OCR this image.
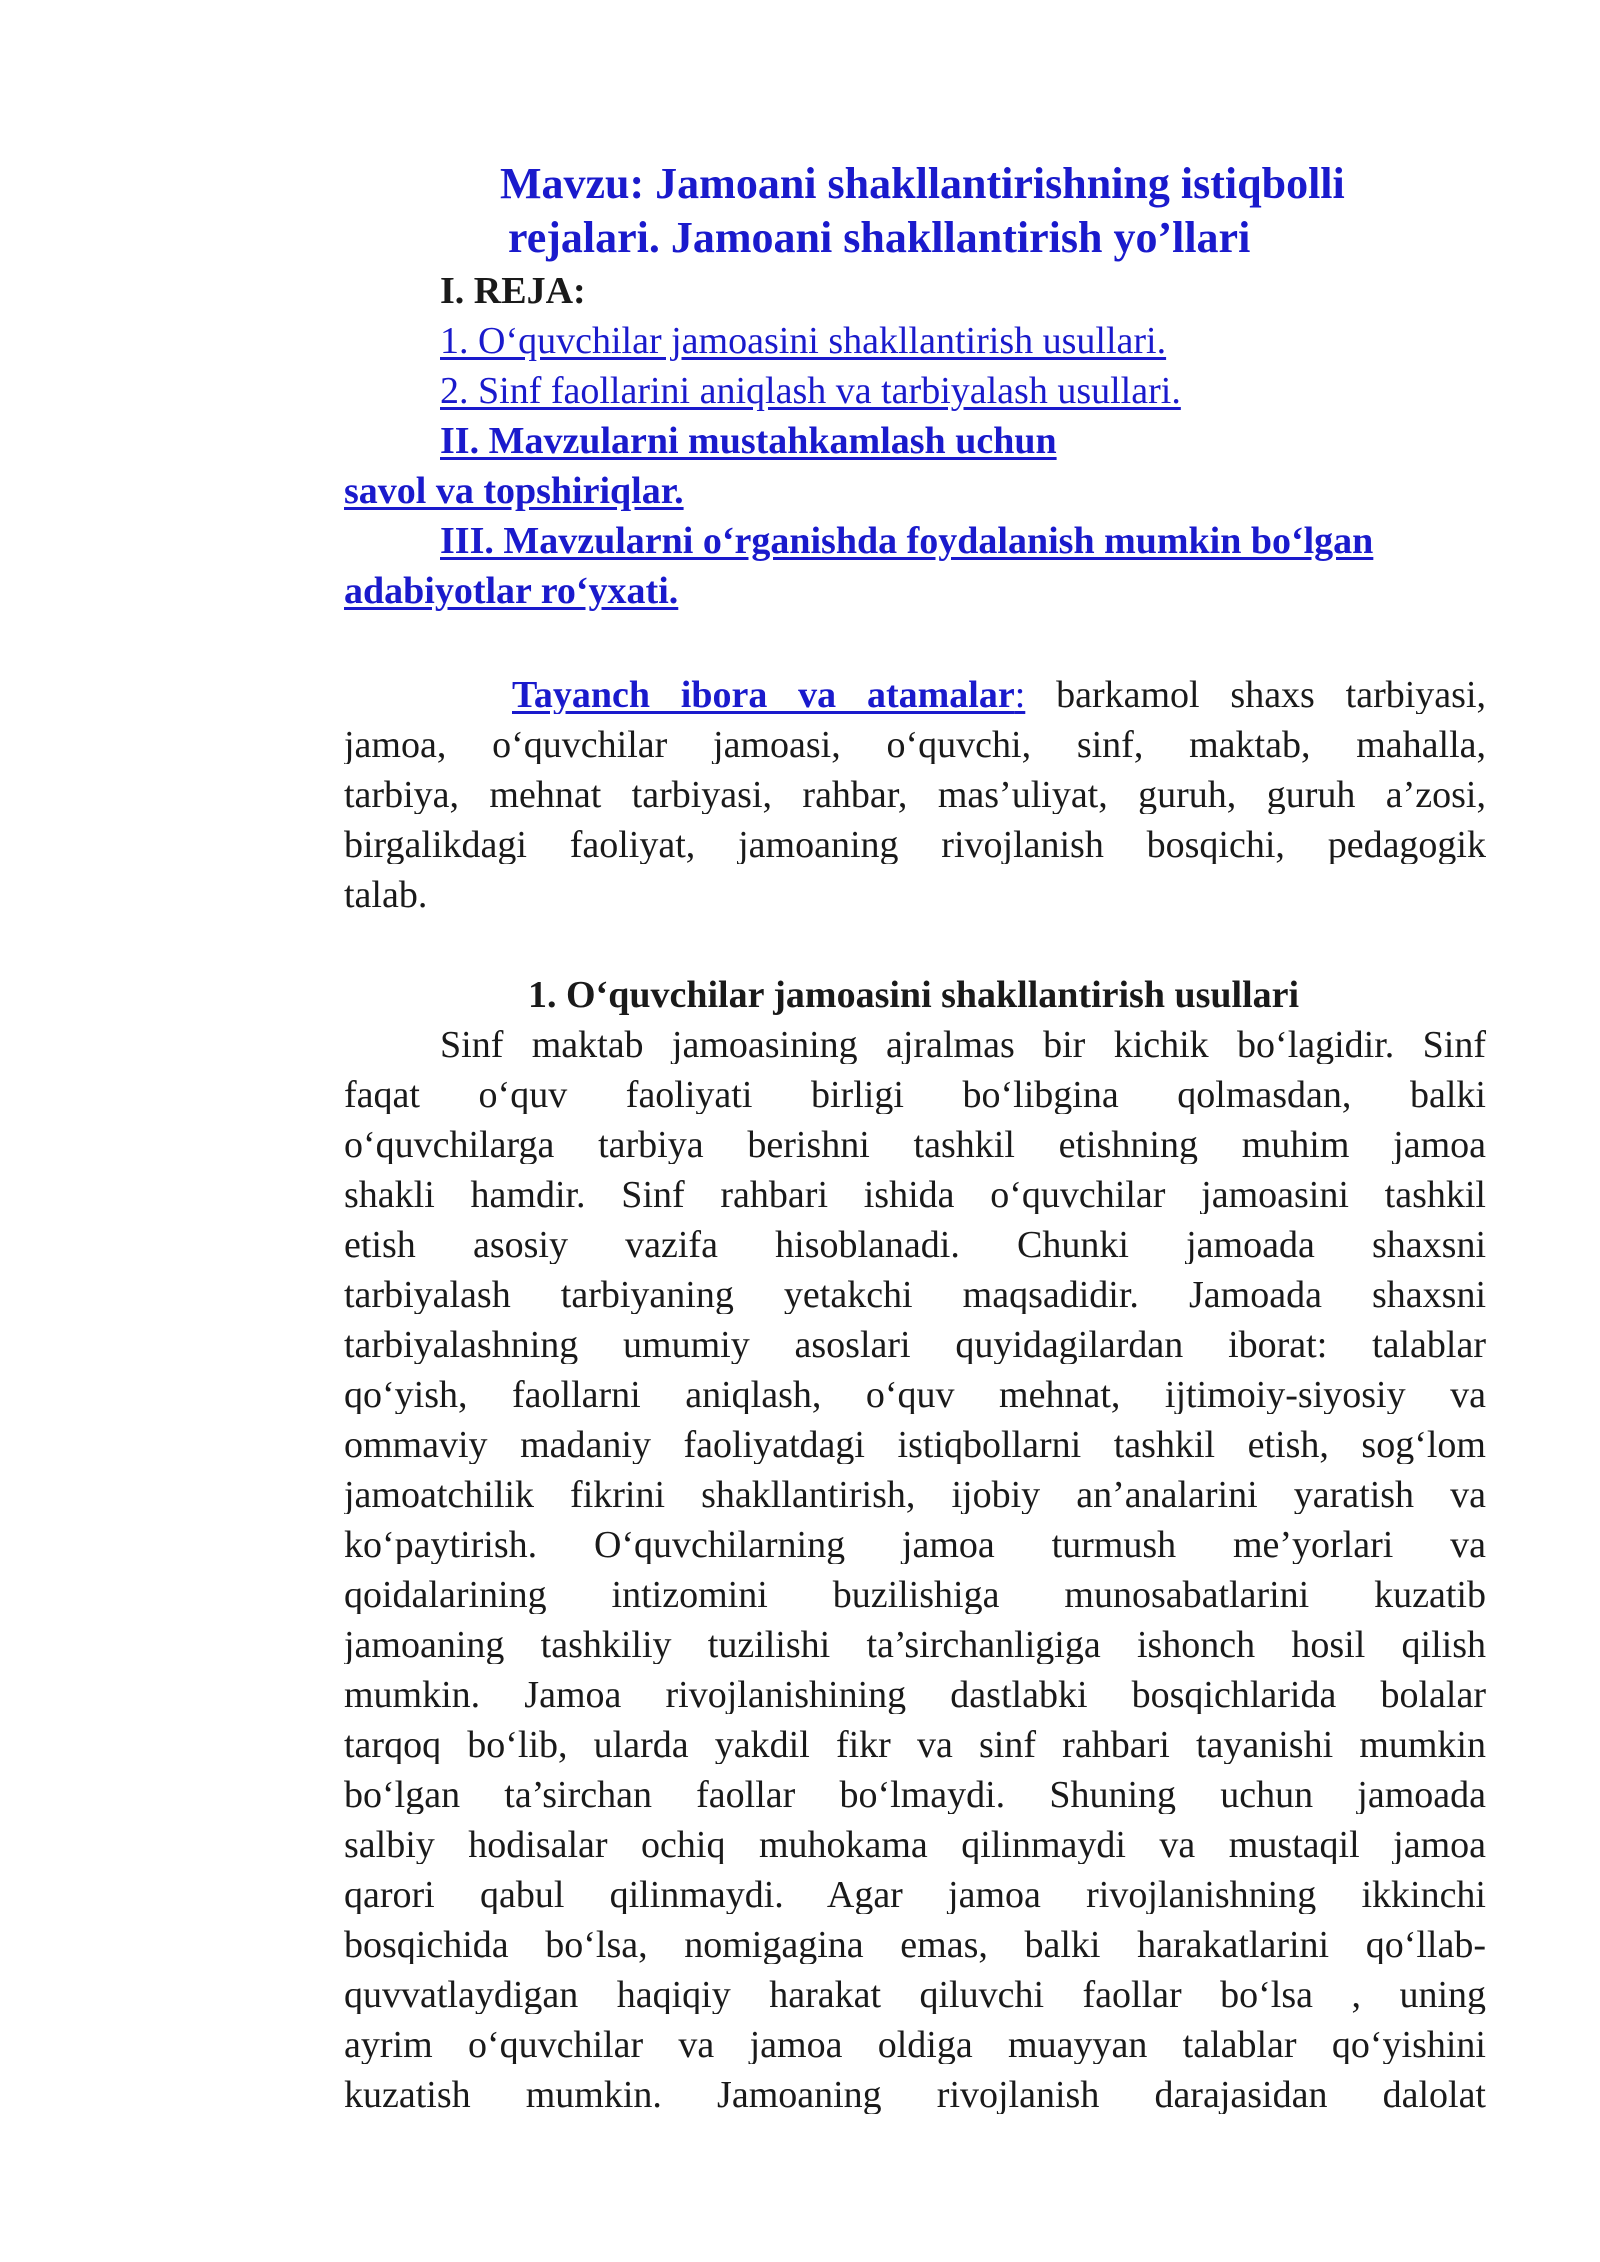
Mavzu: Jamoani shakllantirishning istiqbolli
rejalari. Jamoani shakllantirish yo’llari
I. REJA:
1. O‘quvchilar jamoasini shakllantirish usullari.
2. Sinf faollarini aniqlash va tarbiyalash usullari.
II. Mavzularni mustahkamlash uchun
savol va topshiriqlar.
III. Mavzularni o‘rganishda foydalanish mumkin bo‘lgan
adabiyotlar ro‘yxati.
Tayanch ibora va atamalar: barkamol shaxs tarbiyasi,
jamoa, o‘quvchilar jamoasi, o‘quvchi, sinf, maktab, mahalla,
tarbiya, mehnat tarbiyasi, rahbar, mas’uliyat, guruh, guruh a’zosi,
birgalikdagi faoliyat, jamoaning rivojlanish bosqichi, pedagogik
talab.
1. O‘quvchilar jamoasini shakllantirish usullari
Sinf maktab jamoasining ajralmas bir kichik bo‘lagidir. Sinf
faqat o‘quv faoliyati birligi bo‘libgina qolmasdan, balki
o‘quvchilarga tarbiya berishni tashkil etishning muhim jamoa
shakli hamdir. Sinf rahbari ishida o‘quvchilar jamoasini tashkil
etish asosiy vazifa hisoblanadi. Chunki jamoada shaxsni
tarbiyalash tarbiyaning yetakchi maqsadidir. Jamoada shaxsni
tarbiyalashning umumiy asoslari quyidagilardan iborat: talablar
qo‘yish, faollarni aniqlash, o‘quv mehnat, ijtimoiy-siyosiy va
ommaviy madaniy faoliyatdagi istiqbollarni tashkil etish, sog‘lom
jamoatchilik fikrini shakllantirish, ijobiy an’analarini yaratish va
ko‘paytirish. O‘quvchilarning jamoa turmush me’yorlari va
qoidalarining intizomini buzilishiga munosabatlarini kuzatib
jamoaning tashkiliy tuzilishi ta’sirchanligiga ishonch hosil qilish
mumkin. Jamoa rivojlanishining dastlabki bosqichlarida bolalar
tarqoq bo‘lib, ularda yakdil fikr va sinf rahbari tayanishi mumkin
bo‘lgan ta’sirchan faollar bo‘lmaydi. Shuning uchun jamoada
salbiy hodisalar ochiq muhokama qilinmaydi va mustaqil jamoa
qarori qabul qilinmaydi. Agar jamoa rivojlanishning ikkinchi
bosqichida bo‘lsa, nomigagina emas, balki harakatlarini qo‘llab-
quvvatlaydigan haqiqiy harakat qiluvchi faollar bo‘lsa , uning
ayrim o‘quvchilar va jamoa oldiga muayyan talablar qo‘yishini
kuzatish mumkin. Jamoaning rivojlanish darajasidan dalolat
